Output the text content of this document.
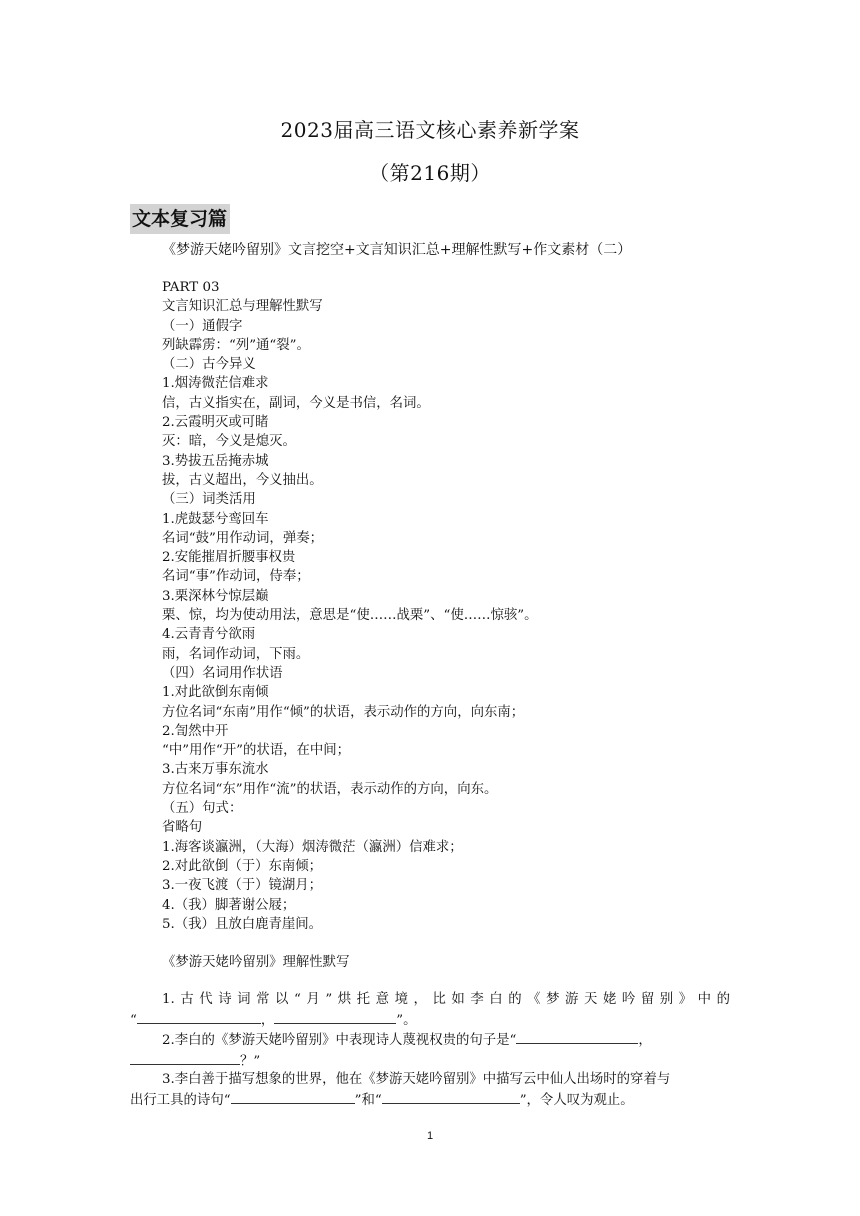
2023届高三语文核心素养新学案
（第216期）
文本复习篇
《梦游天姥吟留别》文言挖空+文言知识汇总+理解性默写+作文素材（二）
PART 03
文言知识汇总与理解性默写
（一）通假字
列缺霹雳：“列”通“裂”。
（二）古今异义
1.烟涛微茫信难求
信，古义指实在，副词，今义是书信，名词。
2.云霞明灭或可睹
灭：暗，今义是熄灭。
3.势拔五岳掩赤城
拔，古义超出，今义抽出。
（三）词类活用
1.虎鼓瑟兮鸾回车
名词“鼓”用作动词，弹奏；
2.安能摧眉折腰事权贵
名词“事”作动词，侍奉；
3.栗深林兮惊层巅
栗、惊，均为使动用法，意思是“使……战栗”、“使……惊骇”。
4.云青青兮欲雨
雨，名词作动词，下雨。
（四）名词用作状语
1.对此欲倒东南倾
方位名词“东南”用作“倾”的状语，表示动作的方向，向东南；
2.訇然中开
“中”用作“开”的状语，在中间；
3.古来万事东流水
方位名词“东”用作“流”的状语，表示动作的方向，向东。
（五）句式：
省略句
1.海客谈瀛洲，（大海）烟涛微茫（瀛洲）信难求；
2.对此欲倒（于）东南倾；
3.一夜飞渡（于）镜湖月；
4.（我）脚著谢公屐；
5.（我）且放白鹿青崖间。
《梦游天姥吟留别》理解性默写
1.古代诗词常以“月”烘托意境，比如李白的《梦游天姥吟留别》中的
“	，	”。
2.李白的《梦游天姥吟留别》中表现诗人蔑视权贵的句子是“	，
？”
3.李白善于描写想象的世界，他在《梦游天姥吟留别》中描写云中仙人出场时的穿着与
出行工具的诗句“	”和“	”，令人叹为观止。
1
